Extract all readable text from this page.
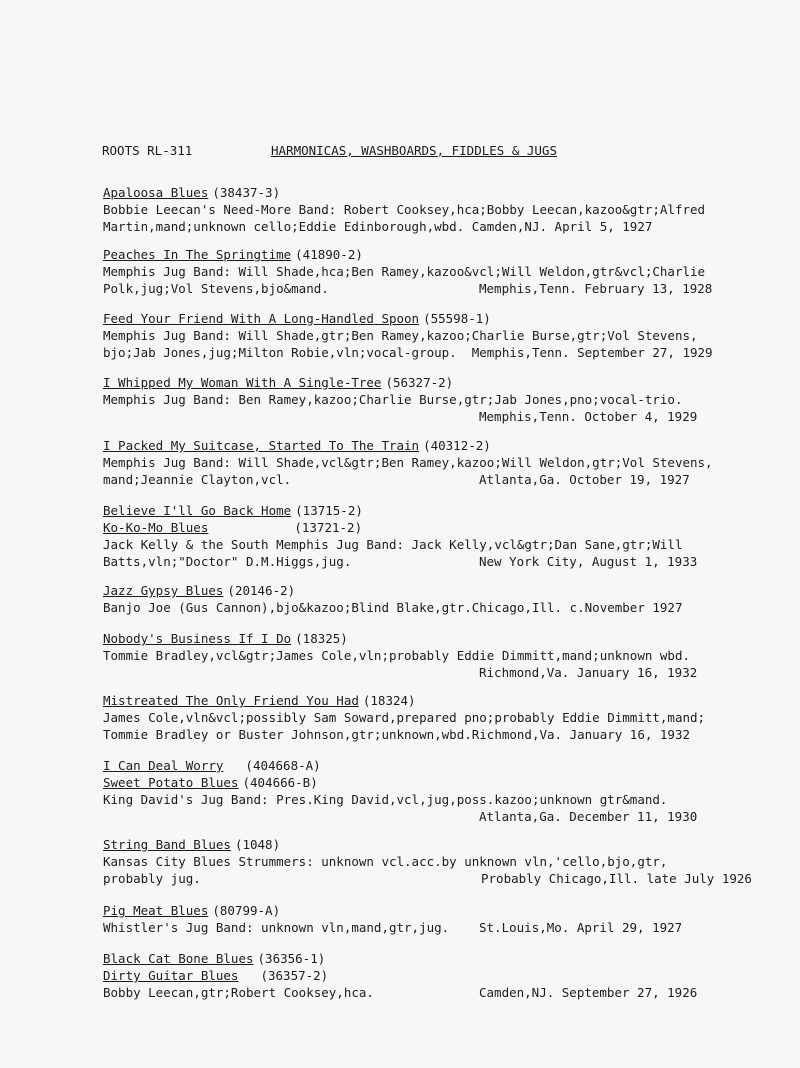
ROOTS RL-311

	HARMONICAS, WASHBOARDS, FIDDLES & JUGS

Apaloosa Blues (38437-3)
Bobbie Leecan's Need-More Band: Robert Cooksey,hca;Bobby Leecan,kazoo&gtr;Alfred
Martin,mand;unknown cello;Eddie Edinborough,wbd. Camden,NJ. April 5, 1927
Peaches In The Springtime (41890-2)
Memphis Jug Band: Will Shade,hca;Ben Ramey,kazoo&vcl;Will Weldon,gtr&vcl;Charlie
Polk,jug;Vol Stevens,bjo&mand.	Memphis,Tenn. February 13, 1928
Feed Your Friend With A Long-Handled Spoon (55598-1)
Memphis Jug Band: Will Shade,gtr;Ben Ramey,kazoo;Charlie Burse,gtr;Vol Stevens,
bjo;Jab Jones,jug;Milton Robie,vln;vocal-group.  Memphis,Tenn. September 27, 1929
I Whipped My Woman With A Single-Tree (56327-2)
Memphis Jug Band: Ben Ramey,kazoo;Charlie Burse,gtr;Jab Jones,pno;vocal-trio.
Memphis,Tenn. October 4, 1929
I Packed My Suitcase, Started To The Train (40312-2)
Memphis Jug Band: Will Shade,vcl&gtr;Ben Ramey,kazoo;Will Weldon,gtr;Vol Stevens,
mand;Jeannie Clayton,vcl.	Atlanta,Ga. October 19, 1927
Believe I'll Go Back Home (13715-2)
Ko-Ko-Mo Blues	(13721-2)
Jack Kelly & the South Memphis Jug Band: Jack Kelly,vcl&gtr;Dan Sane,gtr;Will
Batts,vln;"Doctor" D.M.Higgs,jug.	New York City, August 1, 1933
Jazz Gypsy Blues (20146-2)
Banjo Joe (Gus Cannon),bjo&kazoo;Blind Blake,gtr.Chicago,Ill. c.November 1927
Nobody's Business If I Do (18325)
Tommie Bradley,vcl&gtr;James Cole,vln;probably Eddie Dimmitt,mand;unknown wbd.
Richmond,Va. January 16, 1932
Mistreated The Only Friend You Had (18324)
James Cole,vln&vcl;possibly Sam Soward,prepared pno;probably Eddie Dimmitt,mand;
Tommie Bradley or Buster Johnson,gtr;unknown,wbd.Richmond,Va. January 16, 1932
I Can Deal Worry (404668-A)
Sweet Potato Blues (404666-B)
King David's Jug Band: Pres.King David,vcl,jug,poss.kazoo;unknown gtr&mand.
Atlanta,Ga. December 11, 1930
String Band Blues (1048)
Kansas City Blues Strummers: unknown vcl.acc.by unknown vln,'cello,bjo,gtr,
probably jug.	Probably Chicago,Ill. late July 1926
Pig Meat Blues (80799-A)
Whistler's Jug Band: unknown vln,mand,gtr,jug. St.Louis,Mo. April 29, 1927
Black Cat Bone Blues (36356-1)
Dirty Guitar Blues (36357-2)
Bobby Leecan,gtr;Robert Cooksey,hca.	Camden,NJ. September 27, 1926
